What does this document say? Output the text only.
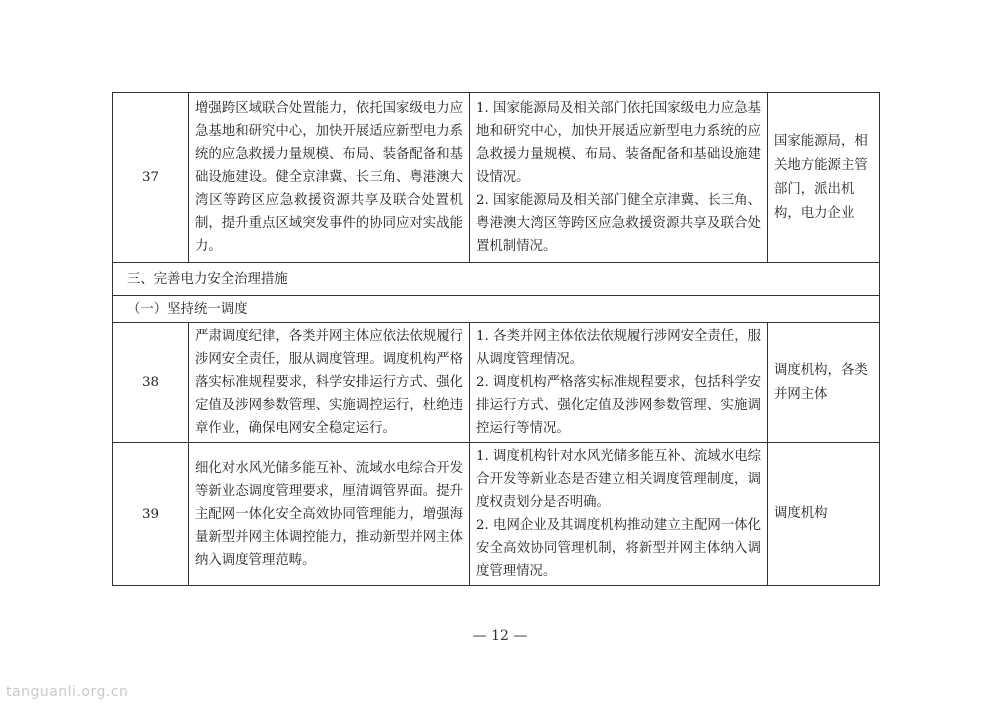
37	增强跨区域联合处置能力，依托国家级电力应急基地和研究中心，加快开展适应新型电力系统的应急救援力量规模、布局、装备配备和基础设施建设。健全京津冀、长三角、粤港澳大湾区等跨区应急救援资源共享及联合处置机制，提升重点区域突发事件的协同应对实战能力。	1. 国家能源局及相关部门依托国家级电力应急基地和研究中心，加快开展适应新型电力系统的应急救援力量规模、布局、装备配备和基础设施建设情况。
2. 国家能源局及相关部门健全京津冀、长三角、粤港澳大湾区等跨区应急救援资源共享及联合处置机制情况。	国家能源局，相关地方能源主管部门，派出机构，电力企业
三、完善电力安全治理措施			
（一）坚持统一调度			
38	严肃调度纪律，各类并网主体应依法依规履行涉网安全责任，服从调度管理。调度机构严格落实标准规程要求，科学安排运行方式、强化定值及涉网参数管理、实施调控运行，杜绝违章作业，确保电网安全稳定运行。	1. 各类并网主体依法依规履行涉网安全责任，服从调度管理情况。
2. 调度机构严格落实标准规程要求，包括科学安排运行方式、强化定值及涉网参数管理、实施调控运行等情况。	调度机构，各类并网主体
39	细化对水风光储多能互补、流域水电综合开发等新业态调度管理要求，厘清调管界面。提升主配网一体化安全高效协同管理能力，增强海量新型并网主体调控能力，推动新型并网主体纳入调度管理范畴。	1. 调度机构针对水风光储多能互补、流域水电综合开发等新业态是否建立相关调度管理制度，调度权责划分是否明确。
2. 电网企业及其调度机构推动建立主配网一体化安全高效协同管理机制，将新型并网主体纳入调度管理情况。	调度机构
— 12 —
tanguanli.org.cn
